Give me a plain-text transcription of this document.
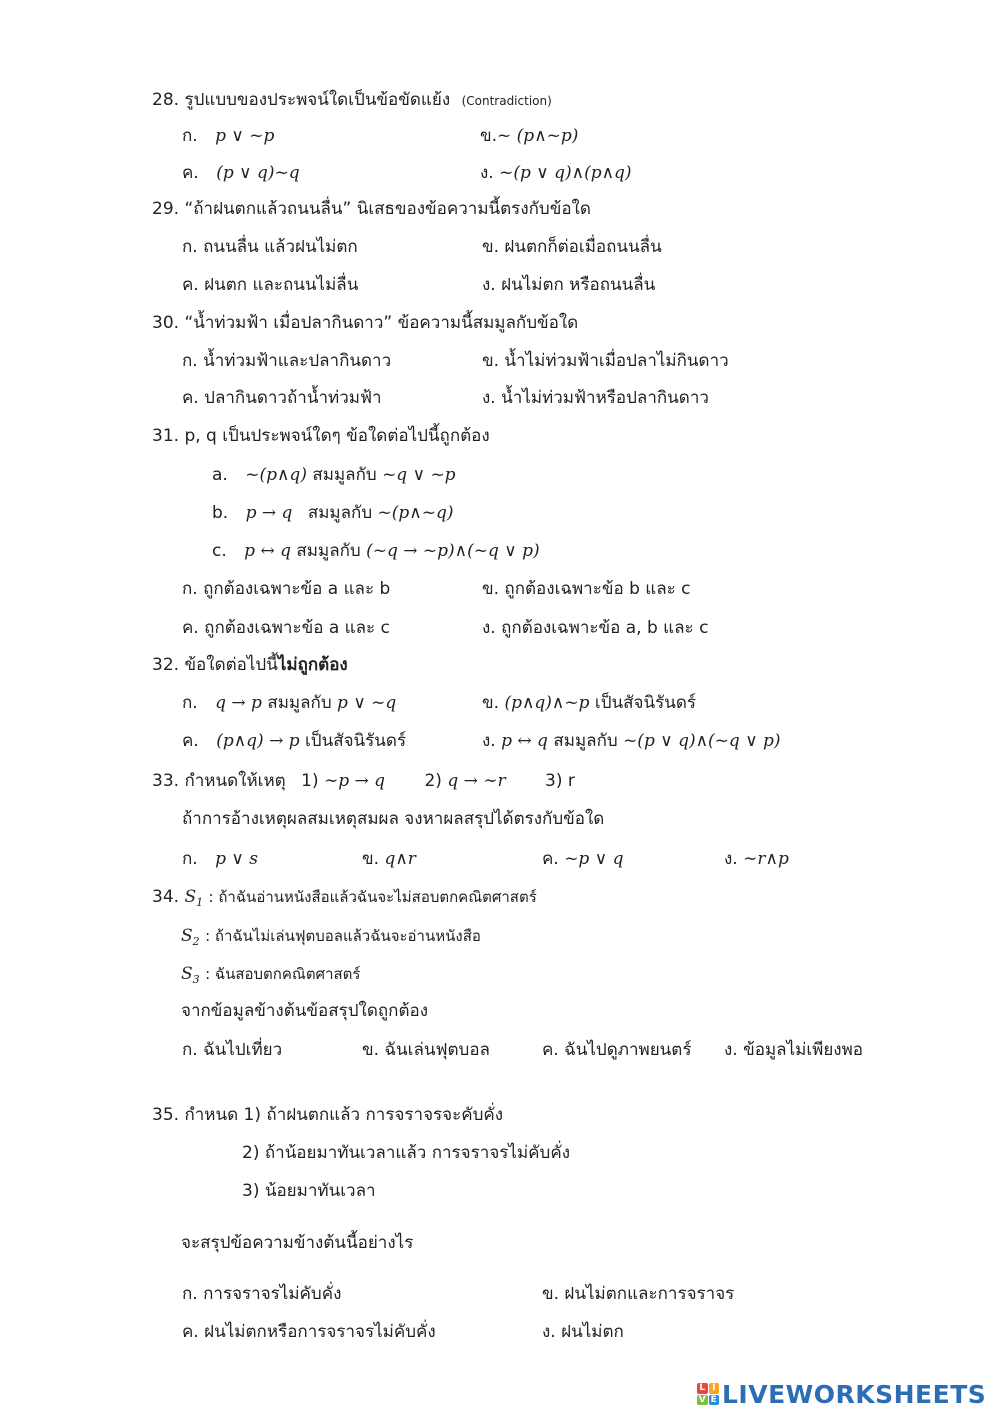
28. รูปแบบของประพจน์ใดเป็นข้อขัดแย้ง (Contradiction)
ก. p ∨ ~p	ข.~ (p∧~p)
ค. (p ∨ q)~q	ง. ~(p ∨ q)∧(p∧q)
29. “ถ้าฝนตกแล้วถนนลื่น” นิเสธของข้อความนี้ตรงกับข้อใด
ก. ถนนลื่น แล้วฝนไม่ตก	ข. ฝนตกก็ต่อเมื่อถนนลื่น
ค. ฝนตก และถนนไม่ลื่น	ง. ฝนไม่ตก หรือถนนลื่น
30. “น้ำท่วมฟ้า เมื่อปลากินดาว” ข้อความนี้สมมูลกับข้อใด
ก. น้ำท่วมฟ้าและปลากินดาว	ข. น้ำไม่ท่วมฟ้าเมื่อปลาไม่กินดาว
ค. ปลากินดาวถ้าน้ำท่วมฟ้า	ง. น้ำไม่ท่วมฟ้าหรือปลากินดาว
31. p, q เป็นประพจน์ใดๆ ข้อใดต่อไปนี้ถูกต้อง
a. ~(p∧q) สมมูลกับ ~q ∨ ~p
b. p → q สมมูลกับ ~(p∧~q)
c. p ↔ q สมมูลกับ (~q → ~p)∧(~q ∨ p)
ก. ถูกต้องเฉพาะข้อ a และ b	ข. ถูกต้องเฉพาะข้อ b และ c
ค. ถูกต้องเฉพาะข้อ a และ c	ง. ถูกต้องเฉพาะข้อ a, b และ c
32. ข้อใดต่อไปนี้ไม่ถูกต้อง
ก. q → p สมมูลกับ p ∨ ~q	ข. (p∧q)∧~p เป็นสัจนิรันดร์
ค. (p∧q) → p เป็นสัจนิรันดร์	ง. p ↔ q สมมูลกับ ~(p ∨ q)∧(~q ∨ p)
33. กำหนดให้เหตุ 1) ∼p → q 2) q → ∼r 3) r
ถ้าการอ้างเหตุผลสมเหตุสมผล จงหาผลสรุปได้ตรงกับข้อใด
ก. p ∨ s	ข. q∧r	ค. ~p ∨ q	ง. ∼r∧p
34. $S_1$ : ถ้าฉันอ่านหนังสือแล้วฉันจะไม่สอบตกคณิตศาสตร์
$S_2$ : ถ้าฉันไม่เล่นฟุตบอลแล้วฉันจะอ่านหนังสือ
$S_3$ : ฉันสอบตกคณิตศาสตร์
จากข้อมูลข้างต้นข้อสรุปใดถูกต้อง
ก. ฉันไปเที่ยว	ข. ฉันเล่นฟุตบอล	ค. ฉันไปดูภาพยนตร์ ง. ข้อมูลไม่เพียงพอ
35. กำหนด 1) ถ้าฝนตกแล้ว การจราจรจะคับคั่ง
2) ถ้าน้อยมาทันเวลาแล้ว การจราจรไม่คับคั่ง
3) น้อยมาทันเวลา
จะสรุปข้อความข้างต้นนี้อย่างไร
ก. การจราจรไม่คับคั่ง	ข. ฝนไม่ตกและการจราจร
ค. ฝนไม่ตกหรือการจราจรไม่คับคั่ง	ง. ฝนไม่ตก
L I
V E LIVEWORKSHEETS
